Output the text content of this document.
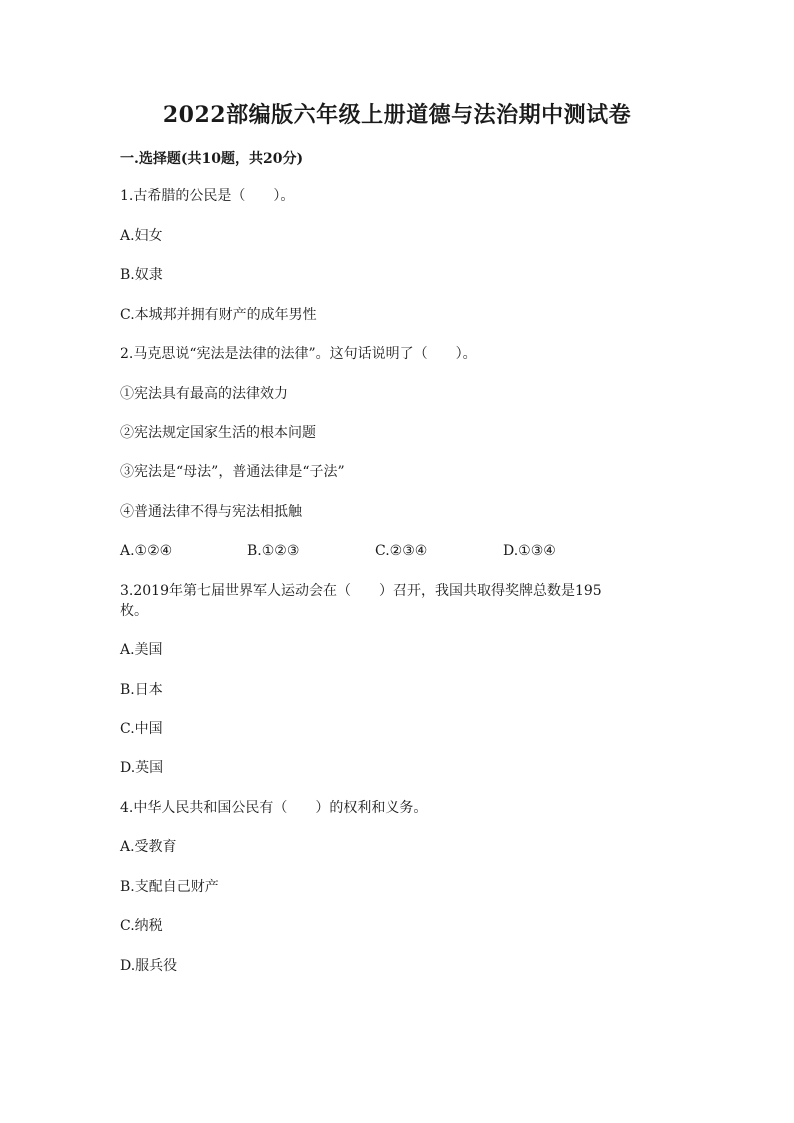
2022部编版六年级上册道德与法治期中测试卷
一.选择题(共10题，共20分)
1.古希腊的公民是（　　）。
A.妇女
B.奴隶
C.本城邦并拥有财产的成年男性
2.马克思说“宪法是法律的法律”。这句话说明了（　　）。
①宪法具有最高的法律效力
②宪法规定国家生活的根本问题
③宪法是“母法”，普通法律是“子法”
④普通法律不得与宪法相抵触
A.①②④	B.①②③	C.②③④	D.①③④
3.2019年第七届世界军人运动会在（　　）召开，我国共取得奖牌总数是195
枚。
A.美国
B.日本
C.中国
D.英国
4.中华人民共和国公民有（　　）的权利和义务。
A.受教育
B.支配自己财产
C.纳税
D.服兵役
